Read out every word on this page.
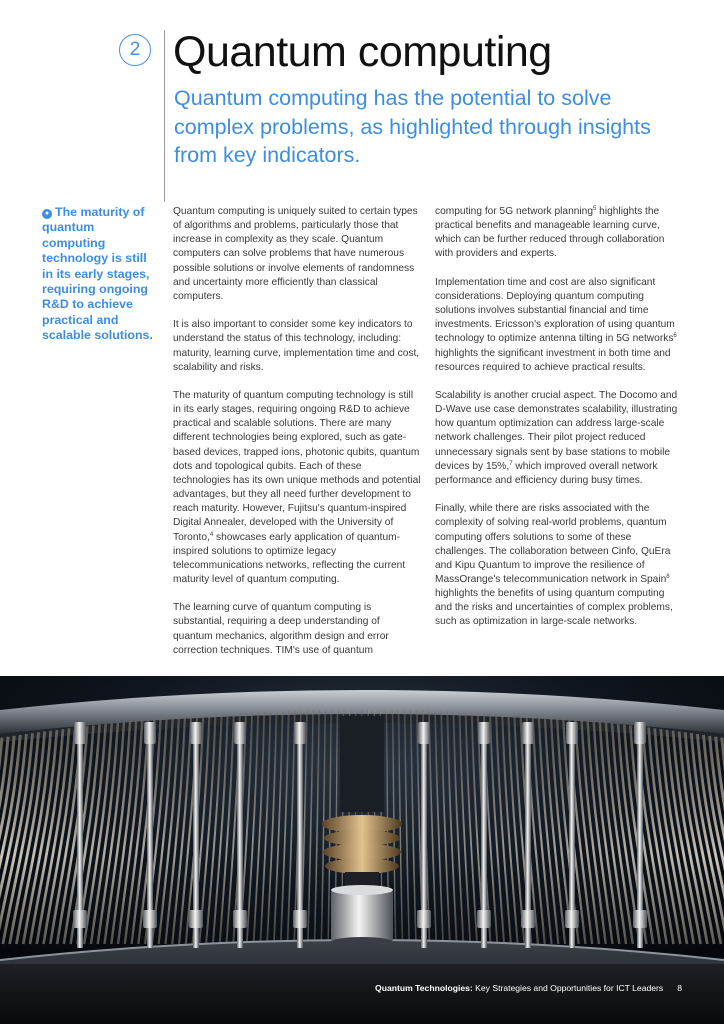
2 Quantum computing
Quantum computing has the potential to solve complex problems, as highlighted through insights from key indicators.
● The maturity of quantum computing technology is still in its early stages, requiring ongoing R&D to achieve practical and scalable solutions.

Quantum computing is uniquely suited to certain types of algorithms and problems, particularly those that increase in complexity as they scale. Quantum computers can solve problems that have numerous possible solutions or involve elements of randomness and uncertainty more efficiently than classical computers.

It is also important to consider some key indicators to understand the status of this technology, including: maturity, learning curve, implementation time and cost, scalability and risks.

The maturity of quantum computing technology is still in its early stages, requiring ongoing R&D to achieve practical and scalable solutions. There are many different technologies being explored, such as gate-based devices, trapped ions, photonic qubits, quantum dots and topological qubits. Each of these technologies has its own unique methods and potential advantages, but they all need further development to reach maturity. However, Fujitsu's quantum-inspired Digital Annealer, developed with the University of Toronto,$^4$ showcases early application of quantum-inspired solutions to optimize legacy telecommunications networks, reflecting the current maturity level of quantum computing.

The learning curve of quantum computing is substantial, requiring a deep understanding of quantum mechanics, algorithm design and error correction techniques. TIM's use of quantum

computing for 5G network planning$^5$ highlights the practical benefits and manageable learning curve, which can be further reduced through collaboration with providers and experts.

Implementation time and cost are also significant considerations. Deploying quantum computing solutions involves substantial financial and time investments. Ericsson's exploration of using quantum technology to optimize antenna tilting in 5G networks$^6$ highlights the significant investment in both time and resources required to achieve practical results.

Scalability is another crucial aspect. The Docomo and D-Wave use case demonstrates scalability, illustrating how quantum optimization can address large-scale network challenges. Their pilot project reduced unnecessary signals sent by base stations to mobile devices by 15%,$^7$ which improved overall network performance and efficiency during busy times.

Finally, while there are risks associated with the complexity of solving real-world problems, quantum computing offers solutions to some of these challenges. The collaboration between Cinfo, QuEra and Kipu Quantum to improve the resilience of MassOrange's telecommunication network in Spain$^8$ highlights the benefits of using quantum computing and the risks and uncertainties of complex problems, such as optimization in large-scale networks.

Quantum Technologies: Key Strategies and Opportunities for ICT Leaders 8
